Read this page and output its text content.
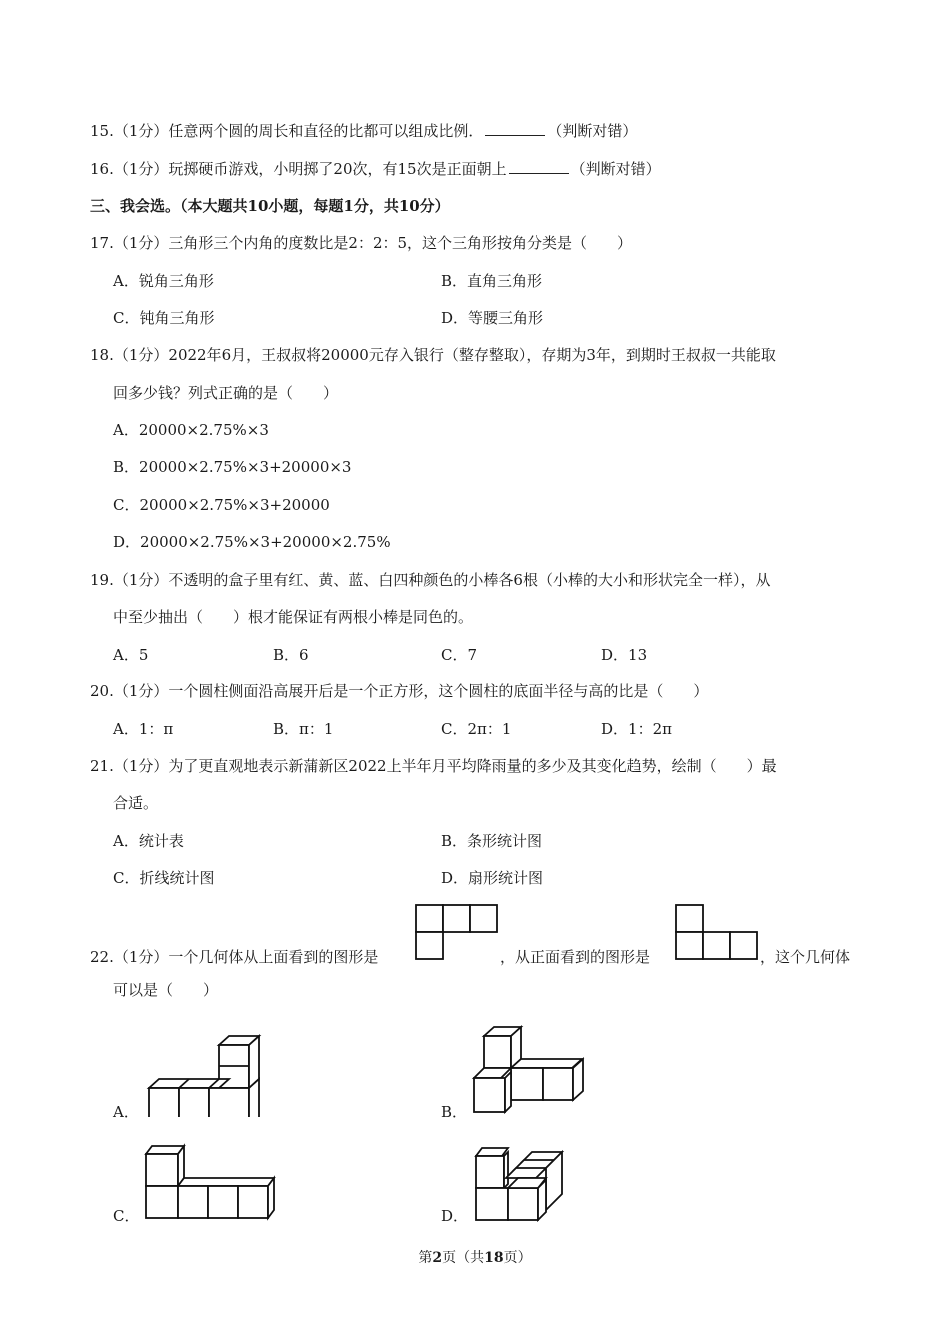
15.（1分）任意两个圆的周长和直径的比都可以组成比例．	（判断对错）
16.（1分）玩掷硬币游戏，小明掷了20次，有15次是正面朝上	（判断对错）
三、我会选。（本大题共10小题，每题1分，共10分）
17.（1分）三角形三个内角的度数比是2：2：5，这个三角形按角分类是（　　）
A．锐角三角形	B．直角三角形
C．钝角三角形	D．等腰三角形
18.（1分）2022年6月，王叔叔将20000元存入银行（整存整取），存期为3年，到期时王叔叔一共能取
回多少钱？列式正确的是（　　）
A．20000×2.75%×3
B．20000×2.75%×3+20000×3
C．20000×2.75%×3+20000
D．20000×2.75%×3+20000×2.75%
19.（1分）不透明的盒子里有红、黄、蓝、白四种颜色的小棒各6根（小棒的大小和形状完全一样），从
中至少抽出（　　）根才能保证有两根小棒是同色的。
A．5	B．6	C．7	D．13
20.（1分）一个圆柱侧面沿高展开后是一个正方形，这个圆柱的底面半径与高的比是（　　）
A．1：π	B．π：1	C．2π：1	D．1：2π
21.（1分）为了更直观地表示新蒲新区2022上半年月平均降雨量的多少及其变化趋势，绘制（　　）最
合适。
A．统计表	B．条形统计图
C．折线统计图	D．扇形统计图
22.（1分）一个几何体从上面看到的图形是	，从正面看到的图形是	，这个几何体
可以是（　　）
A．	B．
C．	D．
第2页（共18页）
